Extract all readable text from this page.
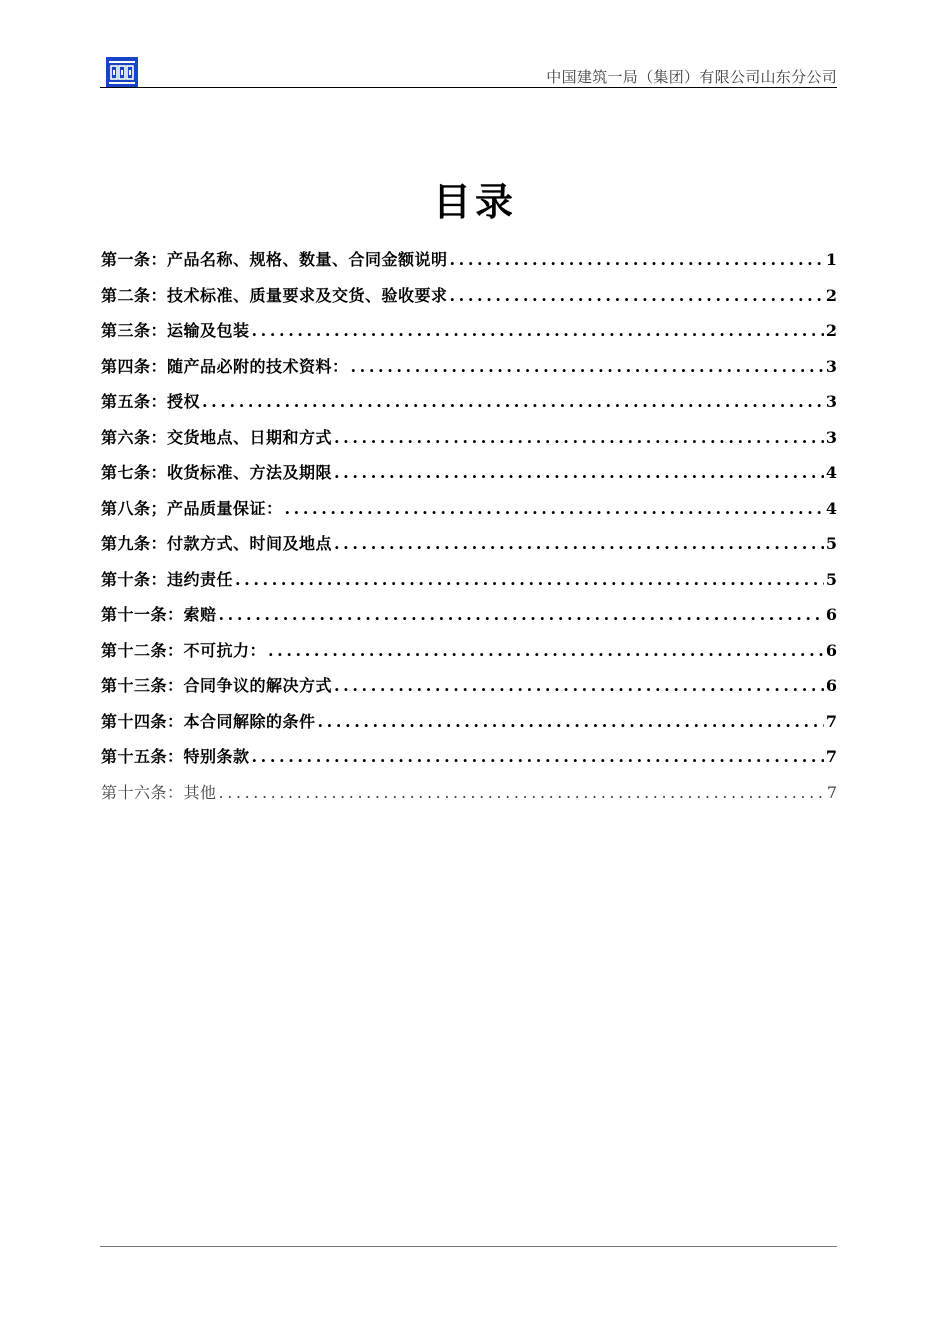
中国建筑一局（集团）有限公司山东分公司
目录
第一条：产品名称、规格、数量、合同金额说明 .....	1
第二条：技术标准、质量要求及交货、验收要求 .....	2
第三条：运输及包装 .....	2
第四条：随产品必附的技术资料： .....	3
第五条：授权 .....	3
第六条：交货地点、日期和方式 .....	3
第七条：收货标准、方法及期限 .....	4
第八条；产品质量保证： .....	4
第九条：付款方式、时间及地点 .....	5
第十条：违约责任 .....	5
第十一条：索赔 .....	6
第十二条：不可抗力： .....	6
第十三条：合同争议的解决方式 .....	6
第十四条：本合同解除的条件 .....	7
第十五条：特别条款 .....	7
第十六条：其他 .....	7
